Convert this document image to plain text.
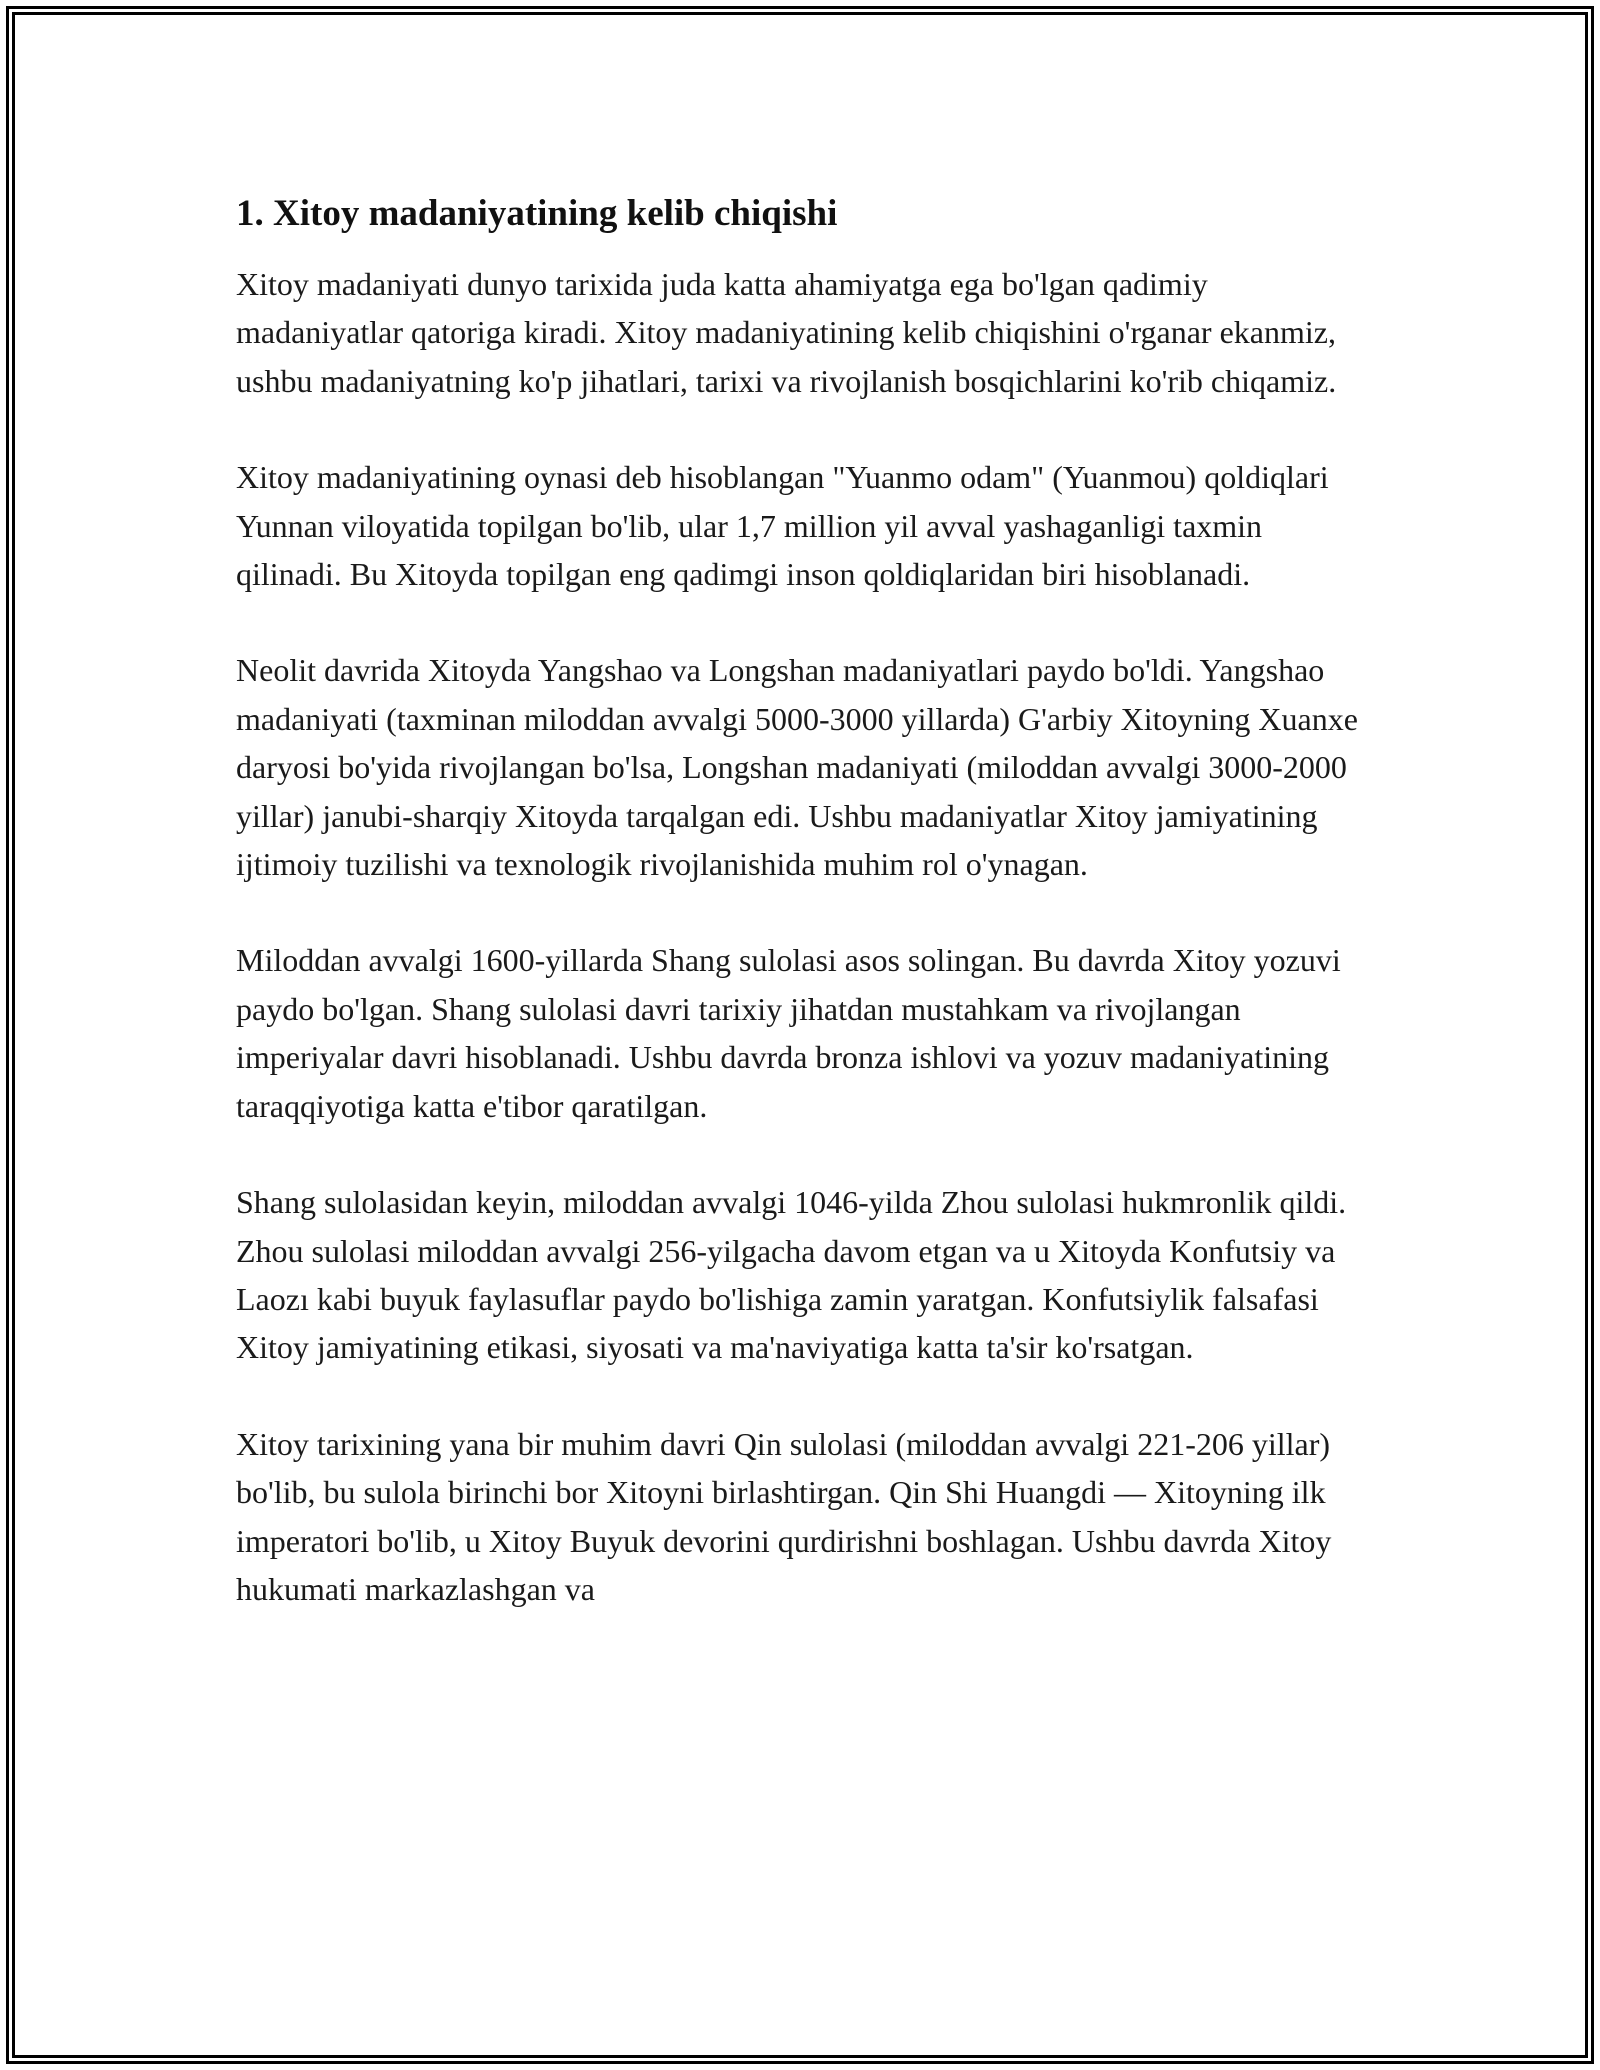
1. Xitoy madaniyatining kelib chiqishi

Xitoy madaniyati dunyo tarixida juda katta ahamiyatga ega bo'lgan qadimiy madaniyatlar qatoriga kiradi. Xitoy madaniyatining kelib chiqishini o'rganar ekanmiz, ushbu madaniyatning ko'p jihatlari, tarixi va rivojlanish bosqichlarini ko'rib chiqamiz.

Xitoy madaniyatining oynasi deb hisoblangan "Yuanmo odam" (Yuanmou) qoldiqlari Yunnan viloyatida topilgan bo'lib, ular 1,7 million yil avval yashaganligi taxmin qilinadi. Bu Xitoyda topilgan eng qadimgi inson qoldiqlaridan biri hisoblanadi.

Neolit davrida Xitoyda Yangshao va Longshan madaniyatlari paydo bo'ldi. Yangshao madaniyati (taxminan miloddan avvalgi 5000-3000 yillarda) G'arbiy Xitoyning Xuanxe daryosi bo'yida rivojlangan bo'lsa, Longshan madaniyati (miloddan avvalgi 3000-2000 yillar) janubi-sharqiy Xitoyda tarqalgan edi. Ushbu madaniyatlar Xitoy jamiyatining ijtimoiy tuzilishi va texnologik rivojlanishida muhim rol o'ynagan.

Miloddan avvalgi 1600-yillarda Shang sulolasi asos solingan. Bu davrda Xitoy yozuvi paydo bo'lgan. Shang sulolasi davri tarixiy jihatdan mustahkam va rivojlangan imperiyalar davri hisoblanadi. Ushbu davrda bronza ishlovi va yozuv madaniyatining taraqqiyotiga katta e'tibor qaratilgan.

Shang sulolasidan keyin, miloddan avvalgi 1046-yilda Zhou sulolasi hukmronlik qildi. Zhou sulolasi miloddan avvalgi 256-yilgacha davom etgan va u Xitoyda Konfutsiy va Laozı kabi buyuk faylasuflar paydo bo'lishiga zamin yaratgan. Konfutsiylik falsafasi Xitoy jamiyatining etikasi, siyosati va ma'naviyatiga katta ta'sir ko'rsatgan.

Xitoy tarixining yana bir muhim davri Qin sulolasi (miloddan avvalgi 221-206 yillar) bo'lib, bu sulola birinchi bor Xitoyni birlashtirgan. Qin Shi Huangdi — Xitoyning ilk imperatori bo'lib, u Xitoy Buyuk devorini qurdirishni boshlagan. Ushbu davrda Xitoy hukumati markazlashgan va
